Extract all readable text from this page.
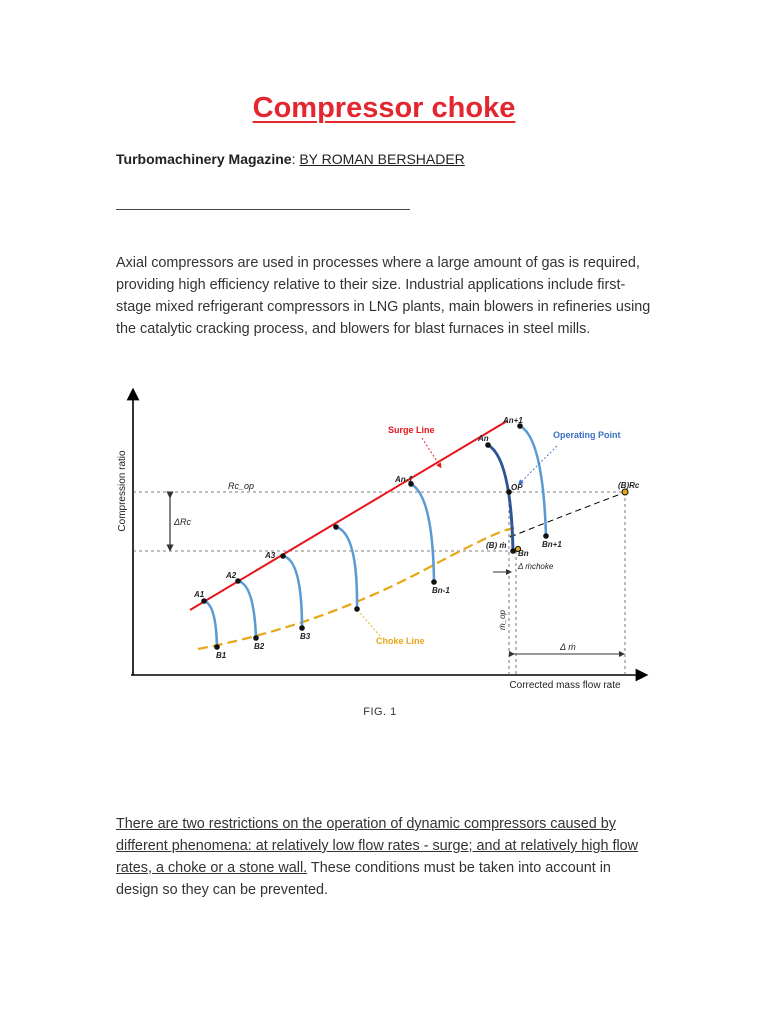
Compressor choke
Turbomachinery Magazine: BY ROMAN BERSHADER

Axial compressors are used in processes where a large amount of gas is required, providing high efficiency relative to their size. Industrial applications include first-stage mixed refrigerant compressors in LNG plants, main blowers in refineries using the catalytic cracking process, and blowers for blast furnaces in steel mills.

Compression ratio
Corrected mass flow rate
ΔRc
Rc_op
A1
A2
A3
An-1
An
An+1
B1
B2
B3
Bn-1
Bn
Bn+1
OP	(B)Rc
(B) ṁ
Surge Line	Operating Point
Choke Line
Δ ṁchoke
ṁ_op
Δ ṁ
FIG. 1

There are two restrictions on the operation of dynamic compressors caused by different phenomena: at relatively low flow rates - surge; and at relatively high flow rates, a choke or a stone wall. These conditions must be taken into account in design so they can be prevented.
